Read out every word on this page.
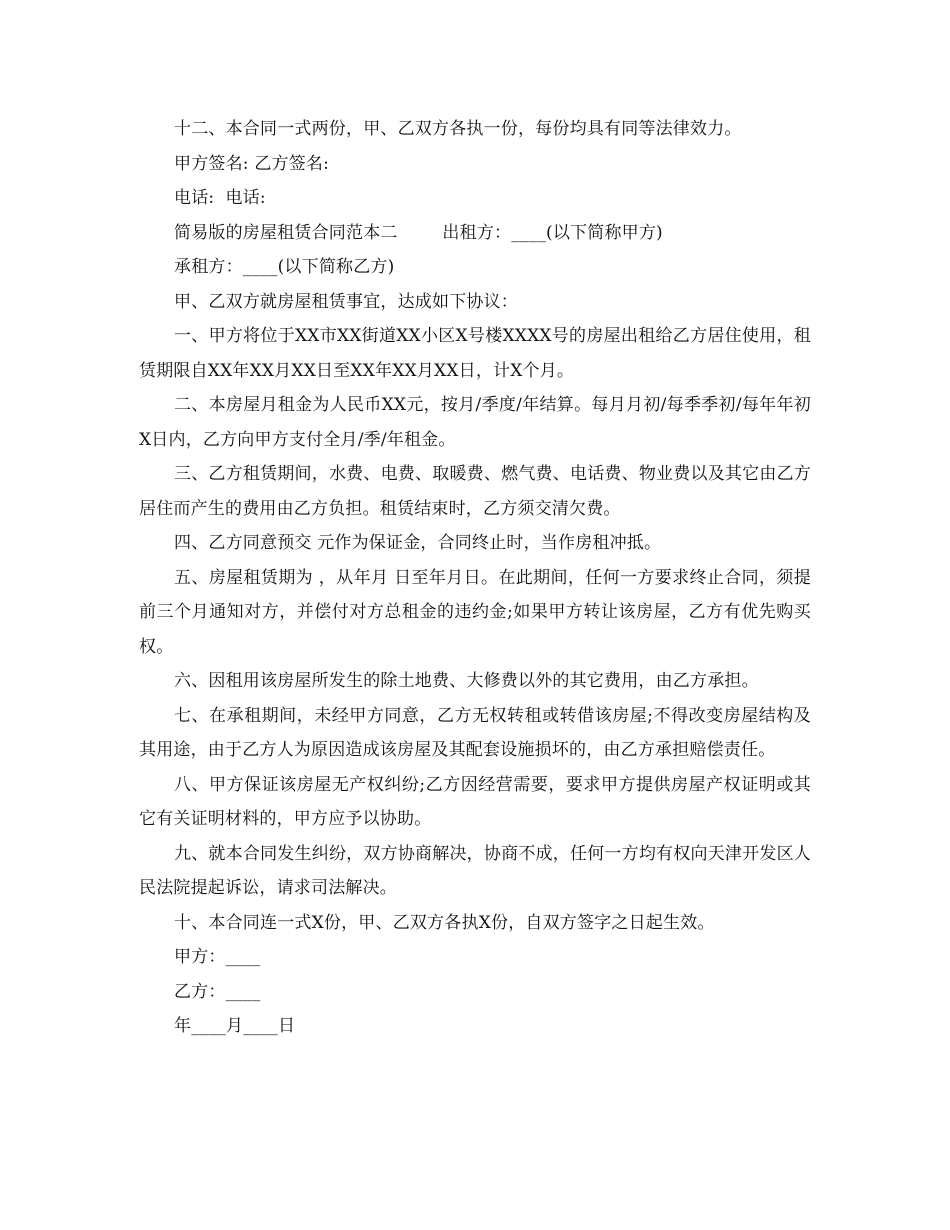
十二、本合同一式两份，甲、乙双方各执一份，每份均具有同等法律效力。

甲方签名: 乙方签名:

电话:  电话:

简易版的房屋租赁合同范本二        出租方：____(以下简称甲方)

承租方：____(以下简称乙方)

甲、乙双方就房屋租赁事宜，达成如下协议：

一、甲方将位于XX市XX街道XX小区X号楼XXXX号的房屋出租给乙方居住使用，租赁期限自XX年XX月XX日至XX年XX月XX日，计X个月。

二、本房屋月租金为人民币XX元，按月/季度/年结算。每月月初/每季季初/每年年初X日内，乙方向甲方支付全月/季/年租金。

三、乙方租赁期间，水费、电费、取暖费、燃气费、电话费、物业费以及其它由乙方居住而产生的费用由乙方负担。租赁结束时，乙方须交清欠费。

四、乙方同意预交 元作为保证金，合同终止时，当作房租冲抵。

五、房屋租赁期为 ，从年月 日至年月日。在此期间，任何一方要求终止合同，须提前三个月通知对方，并偿付对方总租金的违约金;如果甲方转让该房屋，乙方有优先购买权。

六、因租用该房屋所发生的除土地费、大修费以外的其它费用，由乙方承担。

七、在承租期间，未经甲方同意，乙方无权转租或转借该房屋;不得改变房屋结构及其用途，由于乙方人为原因造成该房屋及其配套设施损坏的，由乙方承担赔偿责任。

八、甲方保证该房屋无产权纠纷;乙方因经营需要，要求甲方提供房屋产权证明或其它有关证明材料的，甲方应予以协助。

九、就本合同发生纠纷，双方协商解决，协商不成，任何一方均有权向天津开发区人民法院提起诉讼，请求司法解决。

十、本合同连一式X份，甲、乙双方各执X份，自双方签字之日起生效。

甲方：____

乙方：____

年____月____日
